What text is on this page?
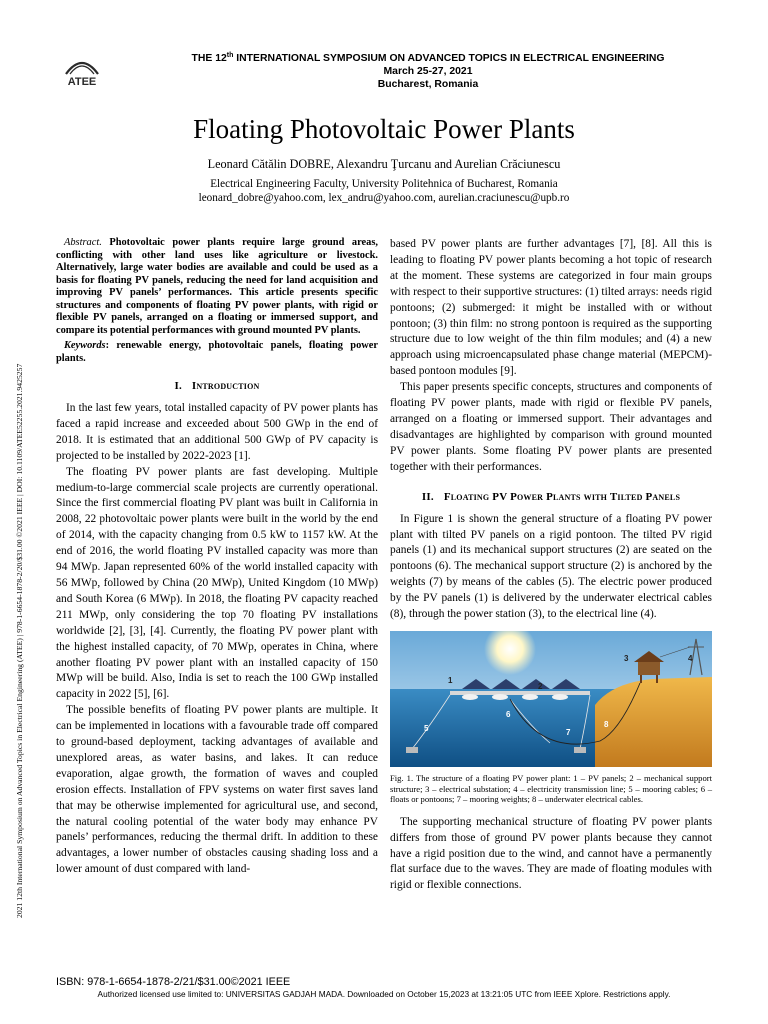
ATEE
THE 12th INTERNATIONAL SYMPOSIUM ON ADVANCED TOPICS IN ELECTRICAL ENGINEERING
March 25-27, 2021
Bucharest, Romania
2021 12th International Symposium on Advanced Topics in Electrical Engineering (ATEE) | 978-1-6654-1878-2/20/$31.00 ©2021 IEEE | DOI: 10.1109/ATEE52255.2021.9425257
Floating Photovoltaic Power Plants
Leonard Cătălin DOBRE, Alexandru Ţurcanu and Aurelian Crăciunescu
Electrical Engineering Faculty, University Politehnica of Bucharest, Romania
leonard_dobre@yahoo.com, lex_andru@yahoo.com, aurelian.craciunescu@upb.ro

Abstract. Photovoltaic power plants require large ground areas, conflicting with other land uses like agriculture or livestock. Alternatively, large water bodies are available and could be used as a basis for floating PV panels, reducing the need for land acquisition and improving PV panels’ performances. This article presents specific structures and components of floating PV power plants, with rigid or flexible PV panels, arranged on a floating or immersed support, and compare its potential performances with ground mounted PV plants.

Keywords: renewable energy, photovoltaic panels, floating power plants.

I. Introduction

In the last few years, total installed capacity of PV power plants has faced a rapid increase and exceeded about 500 GWp in the end of 2018. It is estimated that an additional 500 GWp of PV capacity is projected to be installed by 2022-2023 [1].

The floating PV power plants are fast developing. Multiple medium-to-large commercial scale projects are currently operational. Since the first commercial floating PV plant was built in California in 2008, 22 photovoltaic power plants were built in the world by the end of 2014, with the capacity changing from 0.5 kW to 1157 kW. At the end of 2016, the world floating PV installed capacity was more than 94 MWp. Japan represented 60% of the world installed capacity with 56 MWp, followed by China (20 MWp), United Kingdom (10 MWp) and South Korea (6 MWp). In 2018, the floating PV capacity reached 211 MWp, only considering the top 70 floating PV installations worldwide [2], [3], [4]. Currently, the floating PV power plant with the highest installed capacity, of 70 MWp, operates in China, where another floating PV power plant with an installed capacity of 150 MWp will be build. Also, India is set to reach the 100 GWp installed capacity in 2022 [5], [6].

The possible benefits of floating PV power plants are multiple. It can be implemented in locations with a favourable trade off compared to ground-based deployment, tacking advantages of available and unexplored areas, as water basins, and lakes. It can reduce evaporation, algae growth, the formation of waves and coupled erosion effects. Installation of FPV systems on water first saves land that may be otherwise implemented for agricultural use, and second, the natural cooling potential of the water body may enhance PV panels’ performances, reducing the thermal drift. In addition to these advantages, a lower number of obstacles causing shading loss and a lower amount of dust compared with land-

based PV power plants are further advantages [7], [8]. All this is leading to floating PV power plants becoming a hot topic of research at the moment. These systems are categorized in four main groups with respect to their supportive structures: (1) tilted arrays: needs rigid pontoons; (2) submerged: it might be installed with or without pontoon; (3) thin film: no strong pontoon is required as the supporting structure due to low weight of the thin film modules; and (4) a new approach using microencapsulated phase change material (MEPCM)-based pontoon modules [9].

This paper presents specific concepts, structures and components of floating PV power plants, made with rigid or flexible PV panels, arranged on a floating or immersed support. Their advantages and disadvantages are highlighted by comparison with ground mounted PV power plants. Some floating PV power plants are presented together with their performances.

II. Floating PV Power Plants with Tilted Panels

In Figure 1 is shown the general structure of a floating PV power plant with tilted PV panels on a rigid pontoon. The tilted PV rigid panels (1) and its mechanical support structures (2) are seated on the pontoons (6). The mechanical support structure (2) is anchored by the weights (7) by means of the cables (5). The electric power produced by the PV panels (1) is delivered by the underwater electrical cables (8), through the power station (3), to the electrical line (4).

1
2
3	4
5
6
7
8

Fig. 1. The structure of a floating PV power plant: 1 – PV panels; 2 – mechanical support structure; 3 – electrical substation; 4 – electricity transmission line; 5 – mooring cables; 6 – floats or pontoons; 7 – mooring weights; 8 – underwater electrical cables.

The supporting mechanical structure of floating PV power plants differs from those of ground PV power plants because they cannot have a rigid position due to the wind, and cannot have a permanently flat surface due to the waves. They are made of floating modules with rigid or flexible connections.

ISBN: 978-1-6654-1878-2/21/$31.00©2021 IEEE
Authorized licensed use limited to: UNIVERSITAS GADJAH MADA. Downloaded on October 15,2023 at 13:21:05 UTC from IEEE Xplore. Restrictions apply.
